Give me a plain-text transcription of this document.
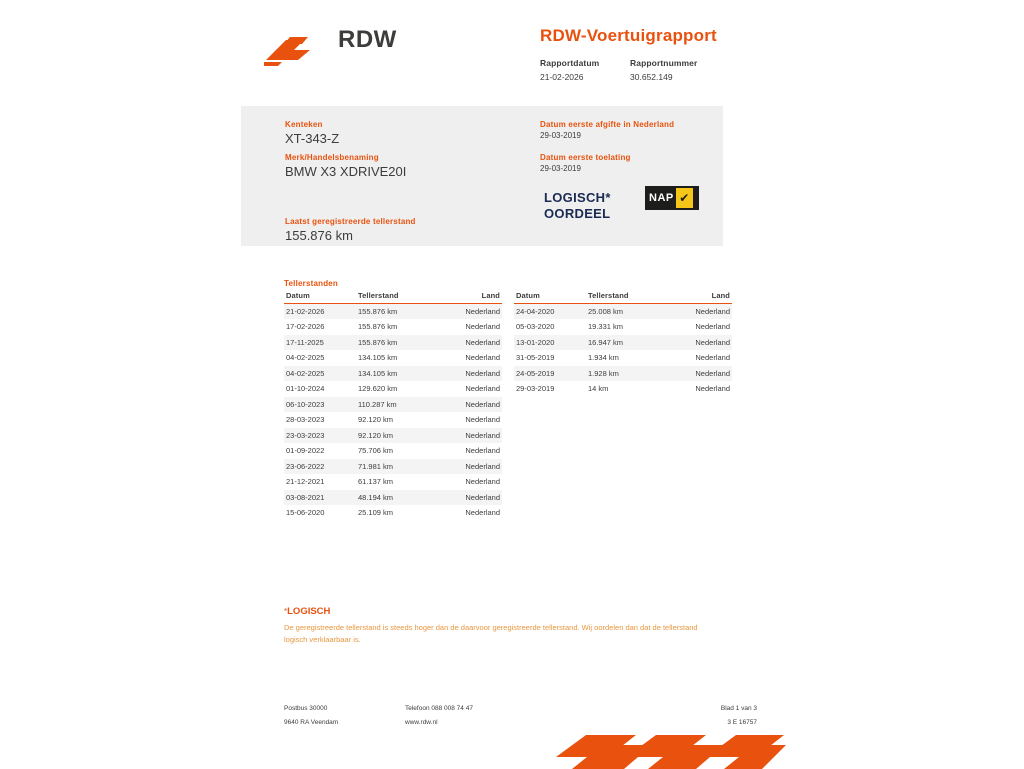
RDW	RDW-Voertuigrapport
Rapportdatum
21-02-2026
Rapportnummer
30.652.149
Kenteken
XT-343-Z
Merk/Handelsbenaming
BMW X3 XDRIVE20I
Laatst geregistreerde tellerstand
155.876 km
Datum eerste afgifte in Nederland
29-03-2019
Datum eerste toelating
29-03-2019
LOGISCH*
OORDEEL
NAP ✔
Tellerstanden
Datum	Tellerstand	Land
21-02-2026	155.876 km	Nederland
17-02-2026	155.876 km	Nederland
17-11-2025	155.876 km	Nederland
04-02-2025	134.105 km	Nederland
04-02-2025	134.105 km	Nederland
01-10-2024	129.620 km	Nederland
06-10-2023	110.287 km	Nederland
28-03-2023	92.120 km	Nederland
23-03-2023	92.120 km	Nederland
01-09-2022	75.706 km	Nederland
23-06-2022	71.981 km	Nederland
21-12-2021	61.137 km	Nederland
03-08-2021	48.194 km	Nederland
15-06-2020	25.109 km	Nederland
Datum	Tellerstand	Land
24-04-2020	25.008 km	Nederland
05-03-2020	19.331 km	Nederland
13-01-2020	16.947 km	Nederland
31-05-2019	1.934 km	Nederland
24-05-2019	1.928 km	Nederland
29-03-2019	14 km	Nederland
*LOGISCH
De geregistreerde tellerstand is steeds hoger dan de daarvoor geregistreerde tellerstand. Wij oordelen dan dat de tellerstand logisch verklaarbaar is.
Postbus 30000
9640 RA Veendam
Telefoon 088 008 74 47
www.rdw.nl
Blad 1 van 3
3 E 16757
